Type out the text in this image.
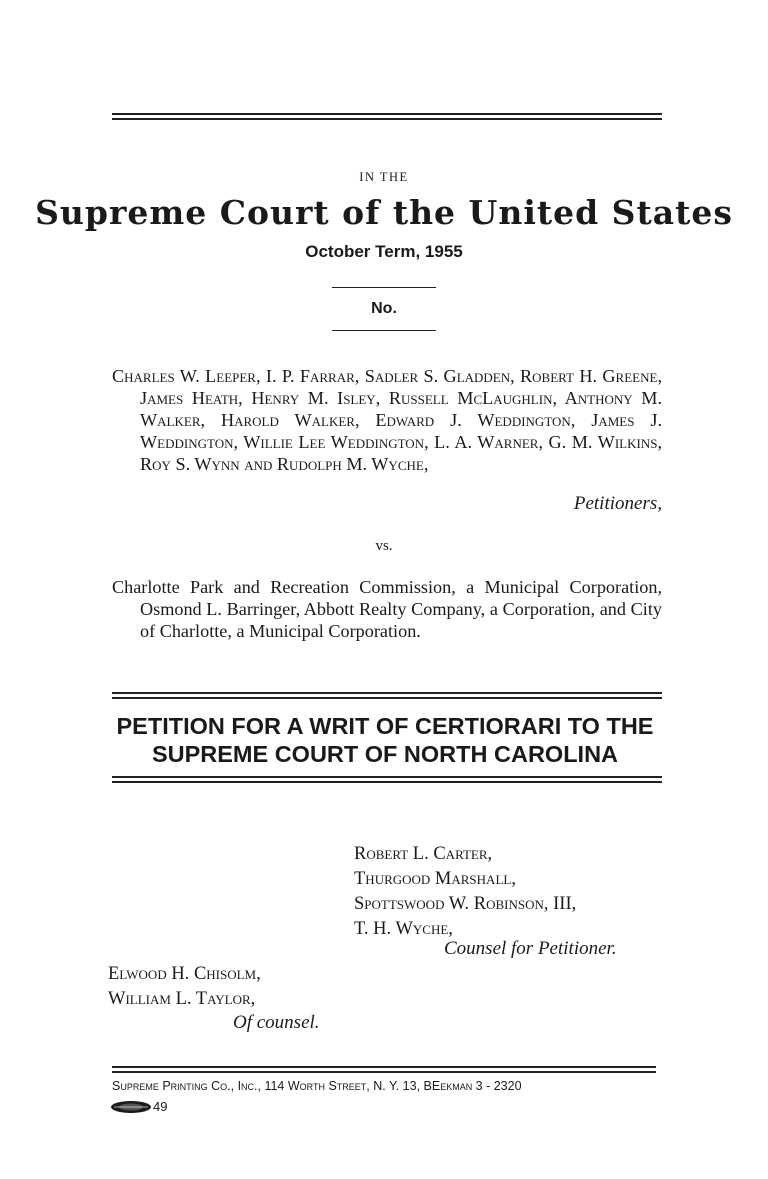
IN THE
Supreme Court of the United States
October Term, 1955
No.

Charles W. Leeper, I. P. Farrar, Sadler S. Gladden, Robert H. Greene, James Heath, Henry M. Isley, Russell McLaughlin, Anthony M. Walker, Harold Walker, Edward J. Weddington, James J. Weddington, Willie Lee Weddington, L. A. Warner, G. M. Wilkins, Roy S. Wynn and Rudolph M. Wyche,

Petitioners,
vs.

Charlotte Park and Recreation Commission, a Municipal Corporation, Osmond L. Barringer, Abbott Realty Company, a Corporation, and City of Charlotte, a Municipal Corporation.

PETITION FOR A WRIT OF CERTIORARI TO THE
SUPREME COURT OF NORTH CAROLINA
Robert L. Carter,
Thurgood Marshall,
Spottswood W. Robinson, III,
T. H. Wyche,
Counsel for Petitioner.
Elwood H. Chisolm,
William L. Taylor,
Of counsel.
Supreme Printing Co., Inc., 114 Worth Street, N. Y. 13, BEekman 3 - 2320
49
